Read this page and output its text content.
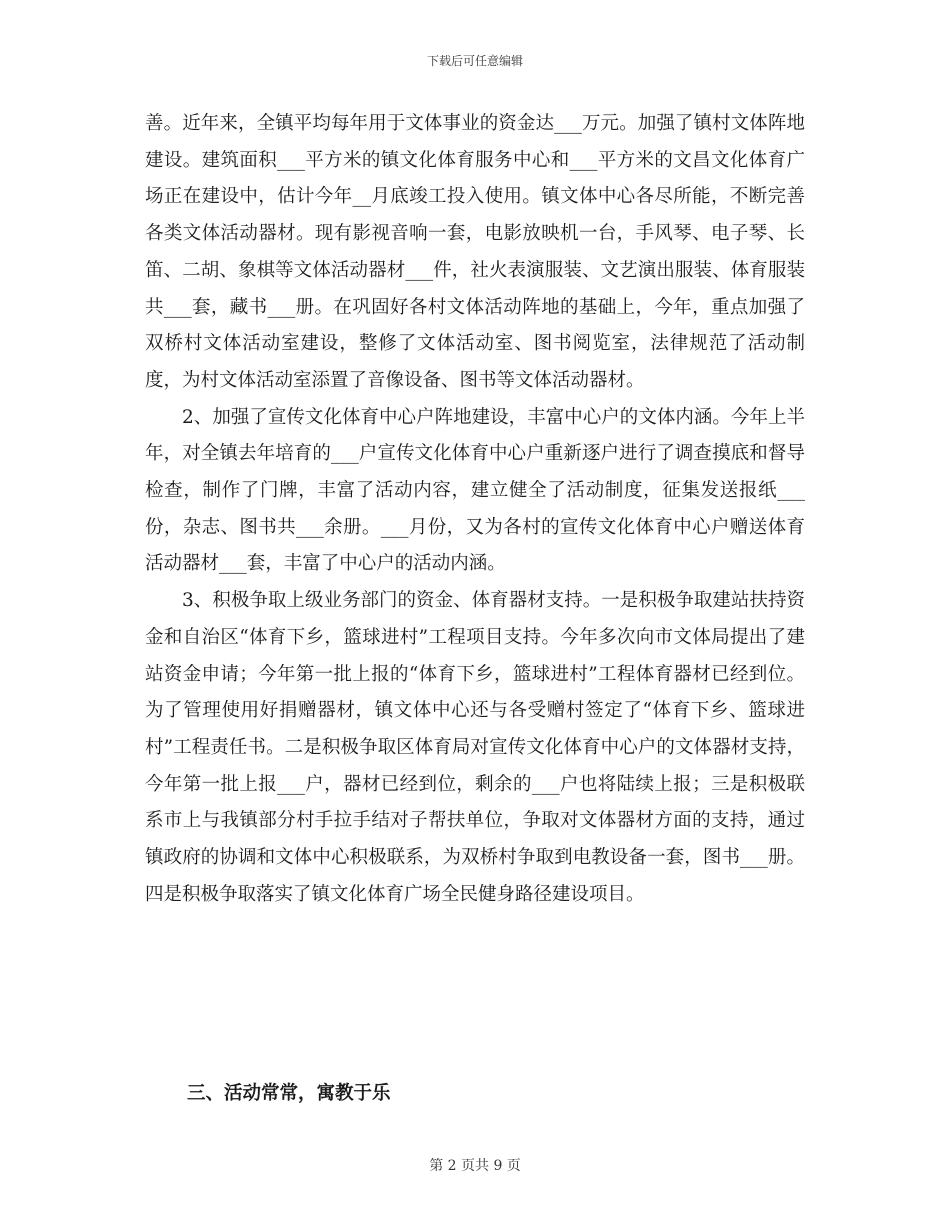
下载后可任意编辑

善。近年来，全镇平均每年用于文体事业的资金达___万元。加强了镇村文体阵地建设。建筑面积___平方米的镇文化体育服务中心和___平方米的文昌文化体育广场正在建设中，估计今年__月底竣工投入使用。镇文体中心各尽所能，不断完善各类文体活动器材。现有影视音响一套，电影放映机一台，手风琴、电子琴、长笛、二胡、象棋等文体活动器材___件，社火表演服装、文艺演出服装、体育服装共___套，藏书___册。在巩固好各村文体活动阵地的基础上，今年，重点加强了双桥村文体活动室建设，整修了文体活动室、图书阅览室，法律规范了活动制度，为村文体活动室添置了音像设备、图书等文体活动器材。

2、加强了宣传文化体育中心户阵地建设，丰富中心户的文体内涵。今年上半年，对全镇去年培育的___户宣传文化体育中心户重新逐户进行了调查摸底和督导检查，制作了门牌，丰富了活动内容，建立健全了活动制度，征集发送报纸___份，杂志、图书共___余册。___月份，又为各村的宣传文化体育中心户赠送体育活动器材___套，丰富了中心户的活动内涵。

3、积极争取上级业务部门的资金、体育器材支持。一是积极争取建站扶持资金和自治区“体育下乡，篮球进村”工程项目支持。今年多次向市文体局提出了建站资金申请；今年第一批上报的“体育下乡，篮球进村”工程体育器材已经到位。为了管理使用好捐赠器材，镇文体中心还与各受赠村签定了“体育下乡、篮球进村”工程责任书。二是积极争取区体育局对宣传文化体育中心户的文体器材支持，今年第一批上报___户，器材已经到位，剩余的___户也将陆续上报；三是积极联系市上与我镇部分村手拉手结对子帮扶单位，争取对文体器材方面的支持，通过镇政府的协调和文体中心积极联系，为双桥村争取到电教设备一套，图书___册。四是积极争取落实了镇文化体育广场全民健身路径建设项目。

三、活动常常，寓教于乐
第 2 页共 9 页
